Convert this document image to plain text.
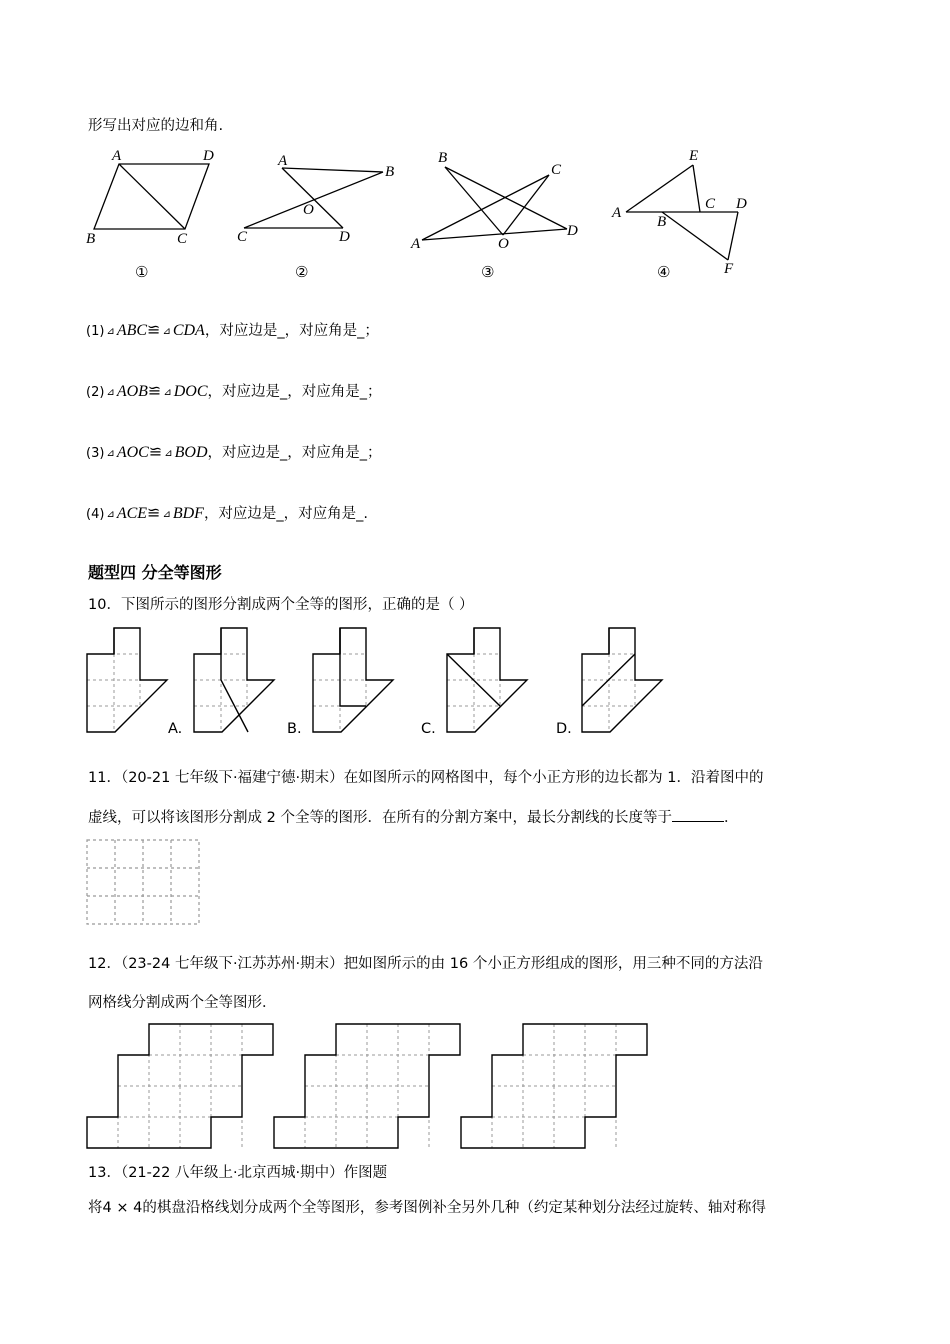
形写出对应的边和角.
A	D
B	C
A
B
O
C	D
B
C
A	O
D
E
A
C D
B
F
①	②	③	④
(1) ⊿ ABC≌ ⊿ CDA，对应边是_，对应角是_；
(2) ⊿ AOB≌ ⊿ DOC，对应边是_，对应角是_；
(3) ⊿ AOC≌ ⊿ BOD，对应边是_，对应角是_；
(4) ⊿ ACE≌ ⊿ BDF，对应边是_，对应角是_.
题型四 分全等图形
10．下图所示的图形分割成两个全等的图形，正确的是（ ）
A.	B.	C.	D.
11．（20-21 七年级下·福建宁德·期末）在如图所示的网格图中，每个小正方形的边长都为 1．沿着图中的
虚线，可以将该图形分割成 2 个全等的图形．在所有的分割方案中，最长分割线的长度等于	．
12．（23-24 七年级下·江苏苏州·期末）把如图所示的由 16 个小正方形组成的图形，用三种不同的方法沿
网格线分割成两个全等图形．
13．（21-22 八年级上·北京西城·期中）作图题
将4 × 4的棋盘沿格线划分成两个全等图形，参考图例补全另外几种（约定某种划分法经过旋转、轴对称得
